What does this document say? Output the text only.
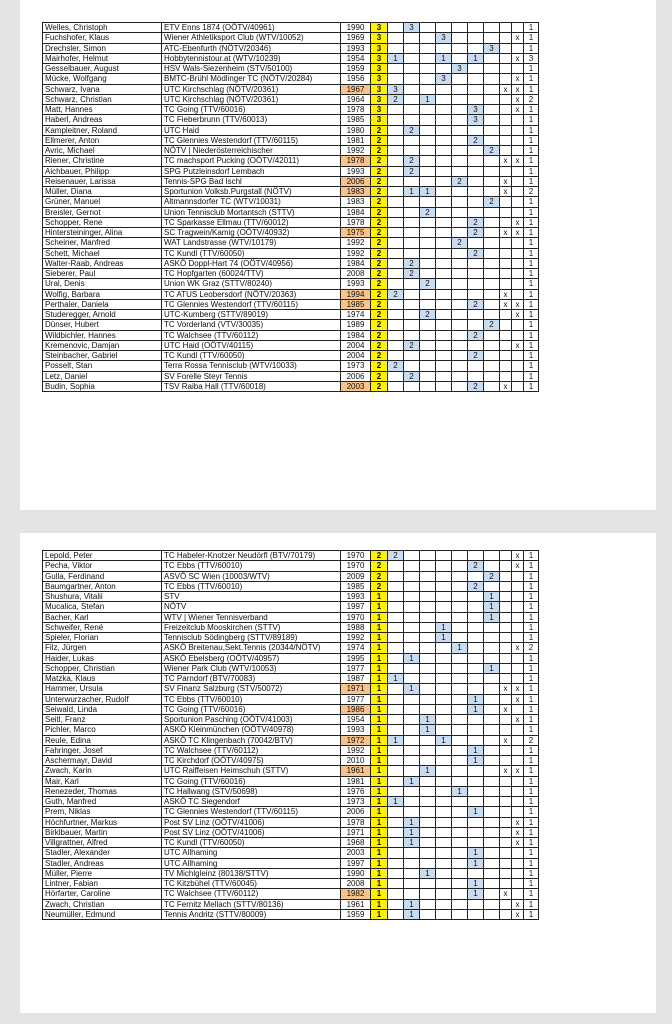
Welles, Christoph	ETV Enns 1874 (OÖTV/40961)	1990	3		3								1
Fuchshofer, Klaus	Wiener Athletiksport Club (WTV/10052)	1969	3				3					x	1
Drechsler, Simon	ATC-Ebenfurth (NÖTV/20346)	1993	3							3			1
Mairhofer, Helmut	Hobbytennistour.at (WTV/10239)	1954	3	1			1		1			x	3
Gesselbauer, August	HSV Wals-Siezenheim (STV/50100)	1959	3					3					1
Mücke, Wolfgang	BMTC-Brühl Mödlinger TC (NÖTV/20284)	1956	3				3					x	1
Schwarz, Ivana	UTC Kirchschlag (NÖTV/20361)	1967	3	3							x	x	1
Schwarz, Christian	UTC Kirchschlag (NÖTV/20361)	1964	3	2		1						x	2
Matt, Hannes	TC Going (TTV/60016)	1978	3						3			x	1
Haberl, Andreas	TC Fieberbrunn (TTV/60013)	1985	3						3				1
Kampleitner, Roland	UTC Haid	1980	2		2								1
Ellmerer, Anton	TC Glennies Westendorf (TTV/60115)	1981	2						2				1
Avric, Michael	NÖTV | Niederösterreichischer	1992	2							2			1
Riener, Christine	TC machsport Pucking (OÖTV/42011)	1978	2		2						x	x	1
Aichbauer, Philipp	SPG Putzleinsdorf Lembach	1993	2		2								1
Reisenauer, Larissa	Tennis-SPG Bad Ischl	2006	2					2			x		1
Müller, Diana	Sportunion Volksb.Purgstall (NÖTV)	1983	2		1	1					x		2
Grüner, Manuel	Altmannsdorfer TC (WTV/10031)	1983	2							2			1
Breisler, Gernot	Union Tennisclub Mortantsch (STTV)	1984	2			2							1
Schopper, Rene	TC Sparkasse Ellmau (TTV/60012)	1978	2						2			x	1
Hintersteininger, Alina	SC Tragwein/Kamig (OÖTV/40932)	1975	2						2		x	x	1
Scheiner, Manfred	WAT Landstrasse (WTV/10179)	1992	2					2					1
Schett, Michael	TC Kundl (TTV/60050)	1992	2						2				1
Walter-Raab, Andreas	ASKÖ Doppl-Hart 74 (OÖTV/40956)	1984	2		2								1
Sieberer, Paul	TC Hopfgarten (60024/TTV)	2008	2		2								1
Ural, Denis	Union WK Graz (STTV/80240)	1993	2			2							1
Wolfig, Barbara	TC ATUS Leobersdorf (NÖTV/20363)	1994	2	2							x		1
Perthaler, Daniela	TC Glennies Westendorf (TTV/60115)	1985	2						2		x	x	1
Studeregger, Arnold	UTC-Kumberg (STTV/89019)	1974	2			2						x	1
Dünser, Hubert	TC Vorderland (VTV/30035)	1989	2							2			1
Wildbichler, Hannes	TC Walchsee (TTV/60112)	1984	2						2				1
Kremenovic, Damjan	UTC Haid (OÖTV/40115)	2004	2		2							x	1
Steinbacher, Gabriel	TC Kundl (TTV/60050)	2004	2						2				1
Posselt, Stan	Terra Rossa Tennisclub (WTV/10033)	1973	2	2									1
Letz, Daniel	SV Forelle Steyr Tennis	2006	2		2								1
Budin, Sophia	TSV Raiba Hall (TTV/60018)	2003	2						2		x		1
Lepold, Peter	TC Habeler-Knotzer Neudörfl (BTV/70179)	1970	2	2								x	1
Pecha, Viktor	TC Ebbs (TTV/60010)	1970	2						2			x	1
Gulla, Ferdinand	ASVÖ SC Wien (10003/WTV)	2009	2							2			1
Baumgartner, Anton	TC Ebbs (TTV/60010)	1985	2						2				1
Shushura, Vitalii	STV	1993	1							1			1
Mucalica, Stefan	NÖTV	1997	1							1			1
Bacher, Karl	WTV | Wiener Tennisverband	1970	1							1			1
Schweifer, René	Freizeitclub Mooskirchen (STTV)	1988	1				1						1
Spieler, Florian	Tennisclub Södingberg (STTV/89189)	1992	1				1						1
Filz, Jürgen	ASKÖ Breitenau,Sekt.Tennis (20344/NÖTV)	1974	1					1				x	2
Haider, Lukas	ASKÖ Ebelsberg (OÖTV/40957)	1995	1		1								1
Schopper, Christian	Wiener Park Club (WTV/10053)	1977	1							1			1
Matzka, Klaus	TC Parndorf (BTV/70083)	1987	1	1									1
Hammer, Ursula	SV Finanz Salzburg (STV/50072)	1971	1		1						x	x	1
Unterwurzacher, Rudolf	TC Ebbs (TTV/60010)	1977	1						1			x	1
Seiwald, Linda	TC Going (TTV/60016)	1986	1						1		x		1
Seitl, Franz	Sportunion Pasching (OÖTV/41003)	1954	1			1						x	1
Pichler, Marco	ASKÖ Kleinmünchen (OÖTV/40978)	1993	1			1							1
Reule, Edina	ASKÖ TC Klingenbach (70042/BTV)	1972	1	1			1				x		2
Fahringer, Josef	TC Walchsee (TTV/60112)	1992	1						1				1
Aschermayr, David	TC Kirchdorf (OÖTV/40975)	2010	1						1				1
Zwach, Karin	UTC Raiffeisen Heimschuh (STTV)	1961	1			1					x	x	1
Mair, Karl	TC Going (TTV/60016)	1981	1		1								1
Renezeder, Thomas	TC Hallwang (STV/50698)	1976	1					1					1
Guth, Manfred	ASKÖ TC Siegendorf	1973	1	1									1
Prem, Niklas	TC Glennies Westendorf (TTV/60115)	2006	1						1				1
Höchfurtner, Markus	Post SV Linz (OÖTV/41006)	1978	1		1							x	1
Birklbauer, Martin	Post SV Linz (OÖTV/41006)	1971	1		1							x	1
Villgrattner, Alfred	TC Kundl (TTV/60050)	1968	1		1							x	1
Stadler, Alexander	UTC Allhaming	2003	1						1				1
Stadler, Andreas	UTC Allhaming	1997	1						1				1
Müller, Pierre	TV Michlgleinz (80138/STTV)	1990	1			1							1
Lintner, Fabian	TC Kitzbühel (TTV/60045)	2008	1						1				1
Hörfarter, Caroline	TC Walchsee (TTV/60112)	1982	1						1		x		1
Zwach, Christian	TC Fernitz Mellach (STTV/80136)	1961	1		1							x	1
Neumüller, Edmund	Tennis Andritz (STTV/80009)	1959	1		1							x	1
